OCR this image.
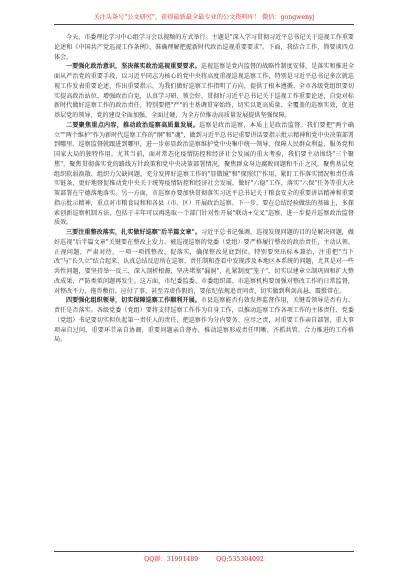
关注头条号"公文研究"，获得最新最全最专业的公文资料库！ 微信：gongwenyj

今天，市委理论学习中心组学习会以视频的方式举行。主题是"深入学习贯彻习近平总书记关于巡视工作重要论述和《中国共产党巡视工作条例》，准确理解把握新时代政治巡视重要要求"。下面，我结合工作，简要谈四点体会。

一要强化政治意识，坚决落实政治巡视重要要求。巡视巡察是党内监督的战略性制度安排，是落实和推进全面从严治党的重要手段，以习近平同志为核心的党中央将高度重视巡视巡察工作，特别是习近平总书记多次就巡视工作发表重要论述，作出重要指示，为我们做好巡察工作指明了方向，提供了根本遵循。全市各级党组织要切实提高政治站位、增强政治自觉，认真学习研、领会好、贯彻好习近平总书记关于巡视工作重要论述，自觉对标新时代做好巡察工作的政治责任，特别要把"严"的主基调贯穿始终，切实以更高质量、全覆盖的巡察实效，促进基层党的领导、党的建设全面加强，全面过硬，为全方位推动高质量发展提供坚强保障。

二要聚焦重点内容，推动政治巡察高质量发展。巡察是政治巡察，本质上是政治监督。我们要把"两个确立""两个维护"作为新时代巡察工作的"纲"和"魂"，做到习近平总书记重要讲话要指示批示精神和党中央决策部署到哪里、巡察监督就跟进到哪里，进一步彰显政治巡察维护党中央集中统一领导、保障人民群众利益、服务党和国家大局的独特作用。尤其当前，面对常态化疫情防控和经济社会发展的重大考验，我们要主动围绕"三个聚焦"，聚焦贯彻落实党的路线方针政策和党中央决策部署情况，聚焦群众身边腐败问题和不正之风，聚焦基层党组织软弱涣散、组织力欠缺问题，充分发挥好巡察工作的"显微镜"和"探照灯"作用，紧盯工作落实情况和责任落实链条，更好地督促推动党中央关于统筹疫情防控和经济社会发展、做好"六稳"工作、落实"六保"任务等重大决策部署在宁德落地落实。另一方面，市巡察办要加快贯彻落实习近平总书记关于粮食安全的重要讲话精神和重要指示批示精神，重点对市粮食局和和各县（市、区）开展政治巡察。下一步，要在总结经验做法的基础上，多探索创新巡察机制方法，包括于丰年可以再选取一个部门针对性开展"联动+交叉"巡察，进一步提升巡察政治监督质效。

三要注重整改落实，扎实做好巡察"后半篇文章"。习近平总书记强调，巡视发现问题的目的是解决问题，做好巡视"后半篇文章"关键要在整改上发力。被巡视巡察的党委（党组）要严格履行整改的政治责任，主动认领、正视问题，严肃对待，一项一项抓整改、促落实，确保整改见底到位。特别要突出标本兼治，注重把"当下改"与"长久立"结合起来，认真总结反思所在巡察、责任制和查看中发现涉及本地区本系统的问题，尤其是对一些共性问题，要坚持举一反三、深入剖析根源，坚决堵塞"漏洞"，扎紧制度"笼子"，切实以建章立制巩固和扩大整改成果，严防类似问题再发生。这方面，市纪委监委、市委组织部、市巡察机构要加强对整改工作的日常监督，对整改不力、拖沓敷衍、应付了事、甚至弄虚作假的，要依纪依规追责问责，切实做到利剑高悬、震慑常在。

四要强化组织领导，切实保障巡察工作顺利开展。市县巡察能否有效发挥监督作用，关键看领导是否有力、责任是否落实。各级党委（党组）要将支持巡察工作作为自身工作，以推动巡察工作各项工作的主体责任、党委（党组）书记要切实担负起第一责任人的责任，把巡察作为分内要务、应尽之责，对重要工作亲自部署、重大事项亲自过问、重要环节亲自协调、重要问题亲自督办，推动巡察形成责任明晰、齐抓共管、合力推进的工作格局。

QQ群：31991489	QQ:535304092
